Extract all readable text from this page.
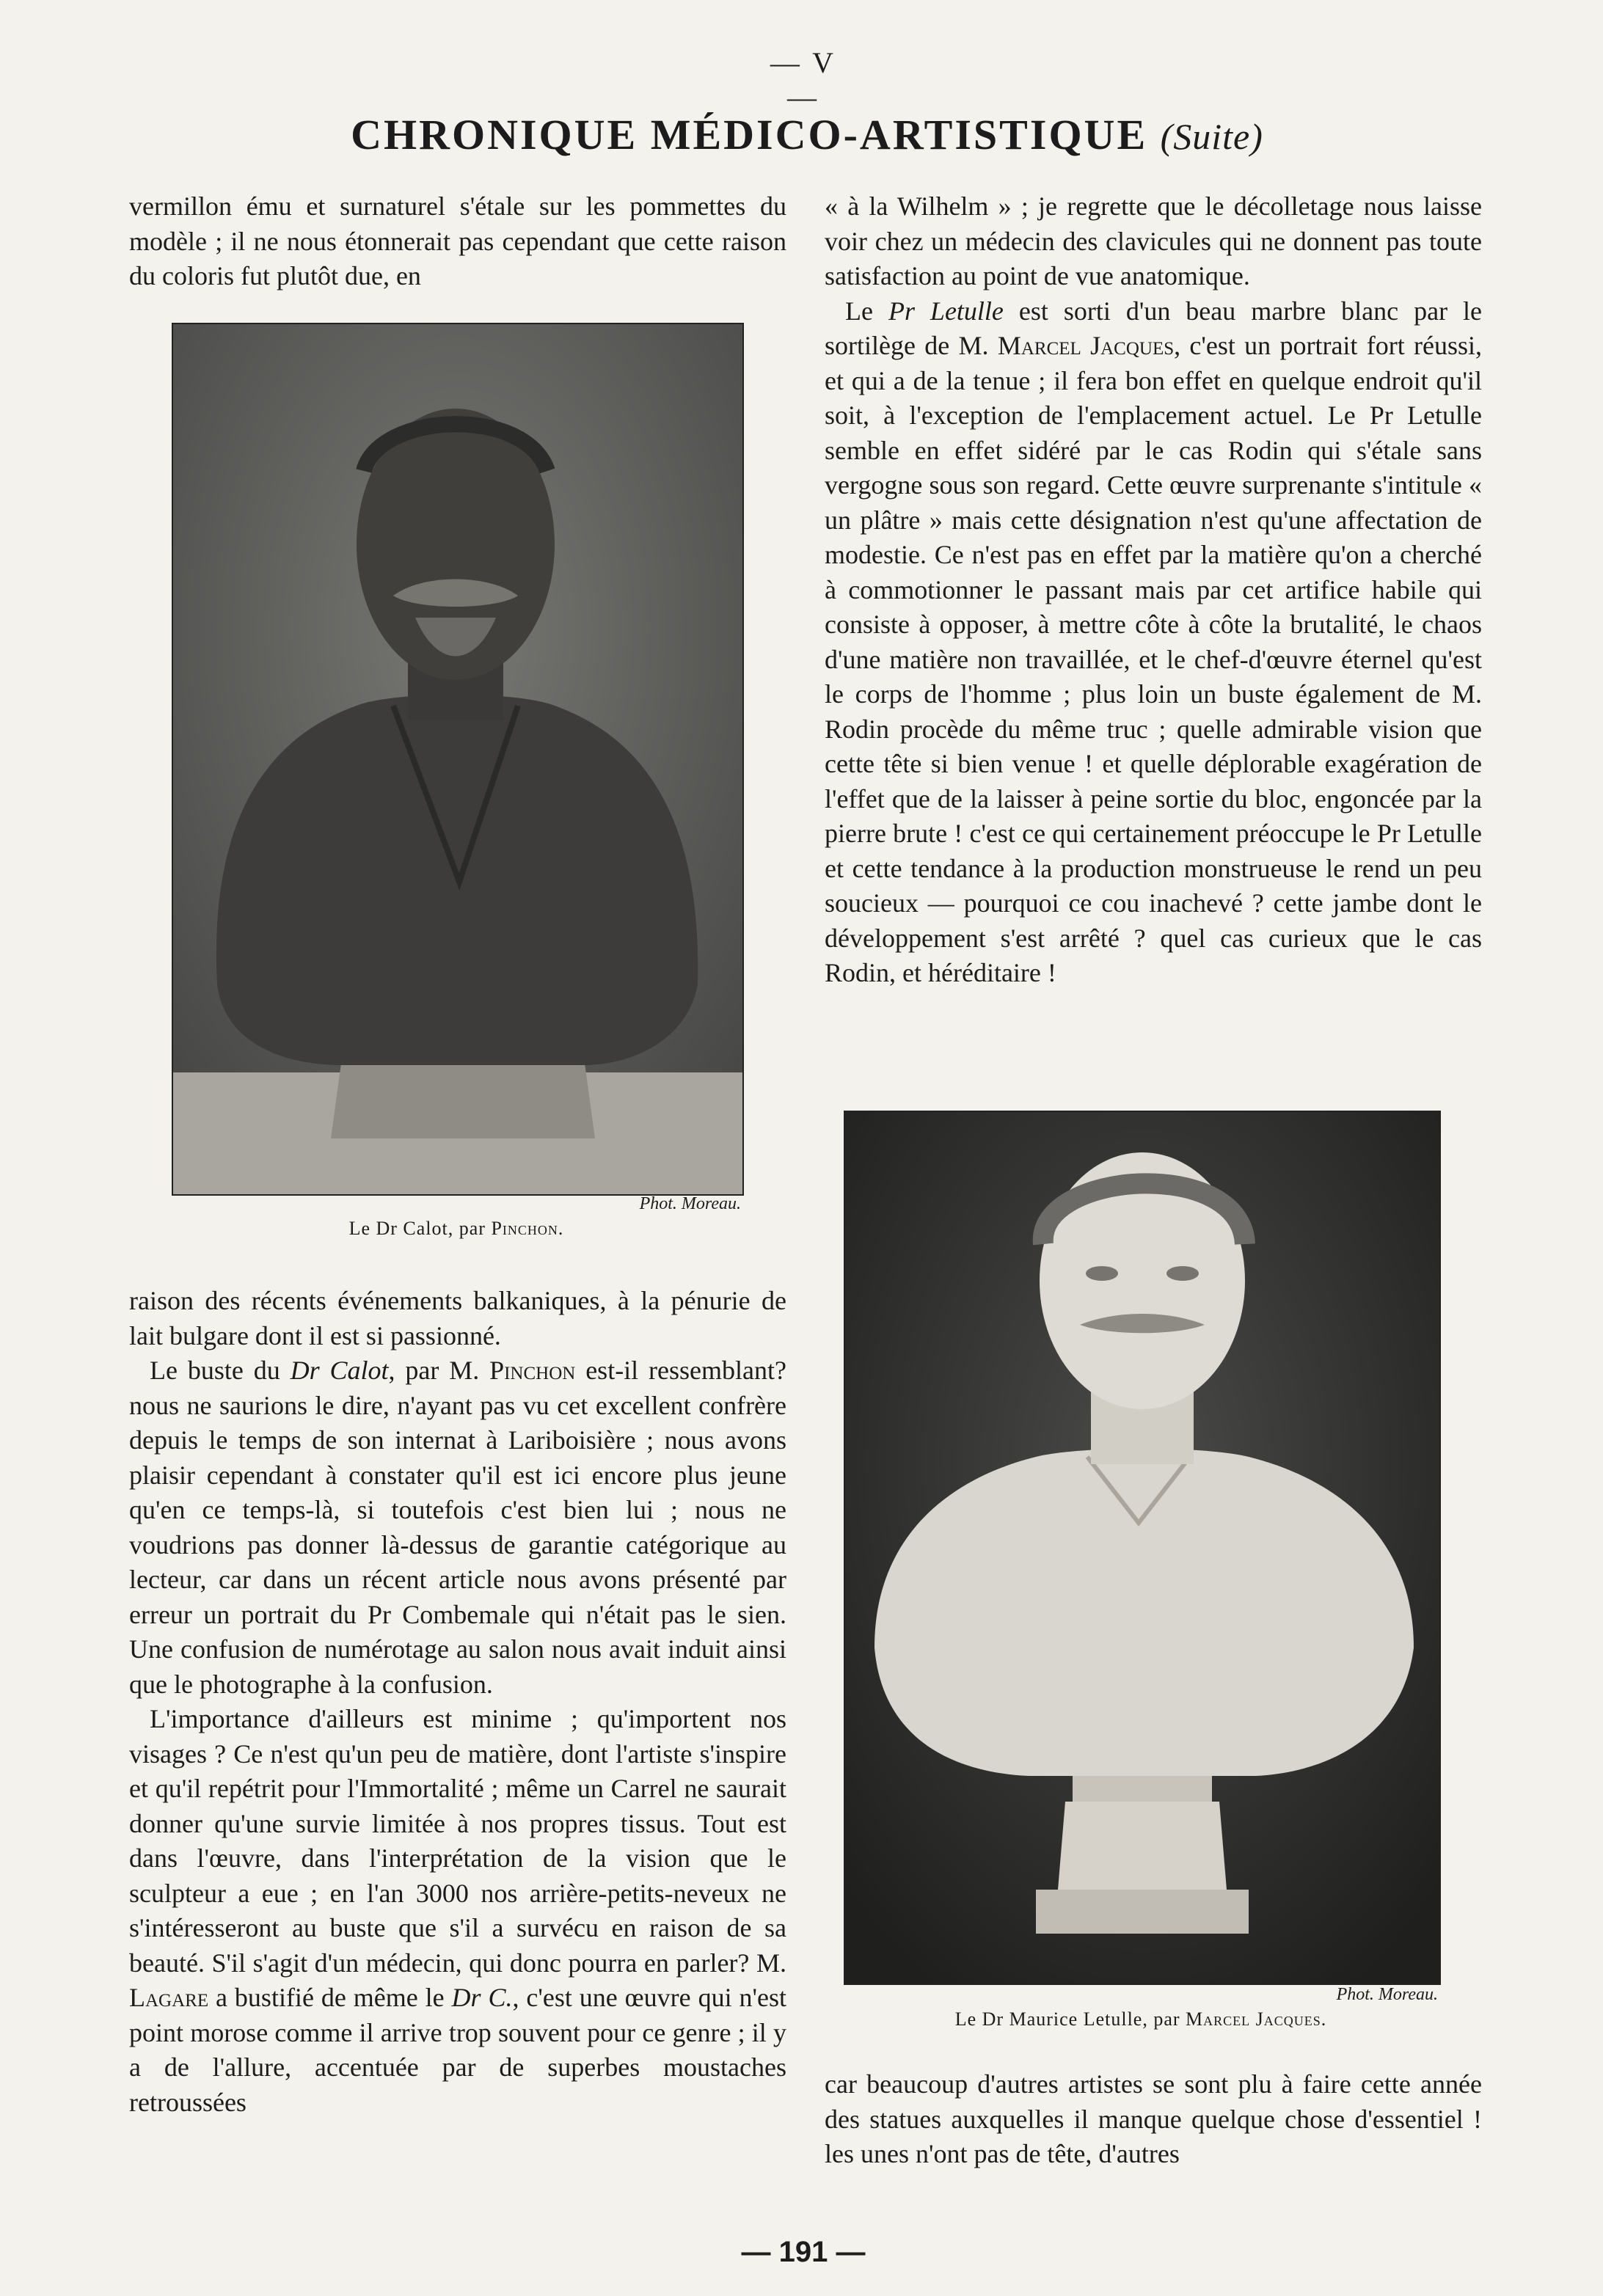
— V —
CHRONIQUE MÉDICO-ARTISTIQUE (Suite)

vermillon ému et surnaturel s'étale sur les pommettes du modèle ; il ne nous étonnerait pas cependant que cette raison du coloris fut plutôt due, en

Phot. Moreau.
Le Dr Calot, par Pinchon.

raison des récents événements balkaniques, à la pénurie de lait bulgare dont il est si passionné.

Le buste du Dr Calot, par M. Pinchon est-il ressemblant? nous ne saurions le dire, n'ayant pas vu cet excellent confrère depuis le temps de son internat à Lariboisière ; nous avons plaisir cependant à constater qu'il est ici encore plus jeune qu'en ce temps-là, si toutefois c'est bien lui ; nous ne voudrions pas donner là-dessus de garantie catégorique au lecteur, car dans un récent article nous avons présenté par erreur un portrait du Pr Combemale qui n'était pas le sien. Une confusion de numérotage au salon nous avait induit ainsi que le photographe à la confusion.

L'importance d'ailleurs est minime ; qu'importent nos visages ? Ce n'est qu'un peu de matière, dont l'artiste s'inspire et qu'il repétrit pour l'Immortalité ; même un Carrel ne saurait donner qu'une survie limitée à nos propres tissus. Tout est dans l'œuvre, dans l'interprétation de la vision que le sculpteur a eue ; en l'an 3000 nos arrière-petits-neveux ne s'intéresseront au buste que s'il a survécu en raison de sa beauté. S'il s'agit d'un médecin, qui donc pourra en parler? M. Lagare a bustifié de même le Dr C., c'est une œuvre qui n'est point morose comme il arrive trop souvent pour ce genre ; il y a de l'allure, accentuée par de superbes moustaches retroussées

« à la Wilhelm » ; je regrette que le décolletage nous laisse voir chez un médecin des clavicules qui ne donnent pas toute satisfaction au point de vue anatomique.

Le Pr Letulle est sorti d'un beau marbre blanc par le sortilège de M. Marcel Jacques, c'est un portrait fort réussi, et qui a de la tenue ; il fera bon effet en quelque endroit qu'il soit, à l'exception de l'emplacement actuel. Le Pr Letulle semble en effet sidéré par le cas Rodin qui s'étale sans vergogne sous son regard. Cette œuvre surprenante s'intitule « un plâtre » mais cette désignation n'est qu'une affectation de modestie. Ce n'est pas en effet par la matière qu'on a cherché à commotionner le passant mais par cet artifice habile qui consiste à opposer, à mettre côte à côte la brutalité, le chaos d'une matière non travaillée, et le chef-d'œuvre éternel qu'est le corps de l'homme ; plus loin un buste également de M. Rodin procède du même truc ; quelle admirable vision que cette tête si bien venue ! et quelle déplorable exagération de l'effet que de la laisser à peine sortie du bloc, engoncée par la pierre brute ! c'est ce qui certainement préoccupe le Pr Letulle et cette tendance à la production monstrueuse le rend un peu soucieux — pourquoi ce cou inachevé ? cette jambe dont le développement s'est arrêté ? quel cas curieux que le cas Rodin, et héréditaire !

Phot. Moreau.
Le Dr Maurice Letulle, par Marcel Jacques.

car beaucoup d'autres artistes se sont plu à faire cette année des statues auxquelles il manque quelque chose d'essentiel ! les unes n'ont pas de tête, d'autres

— 191 —
